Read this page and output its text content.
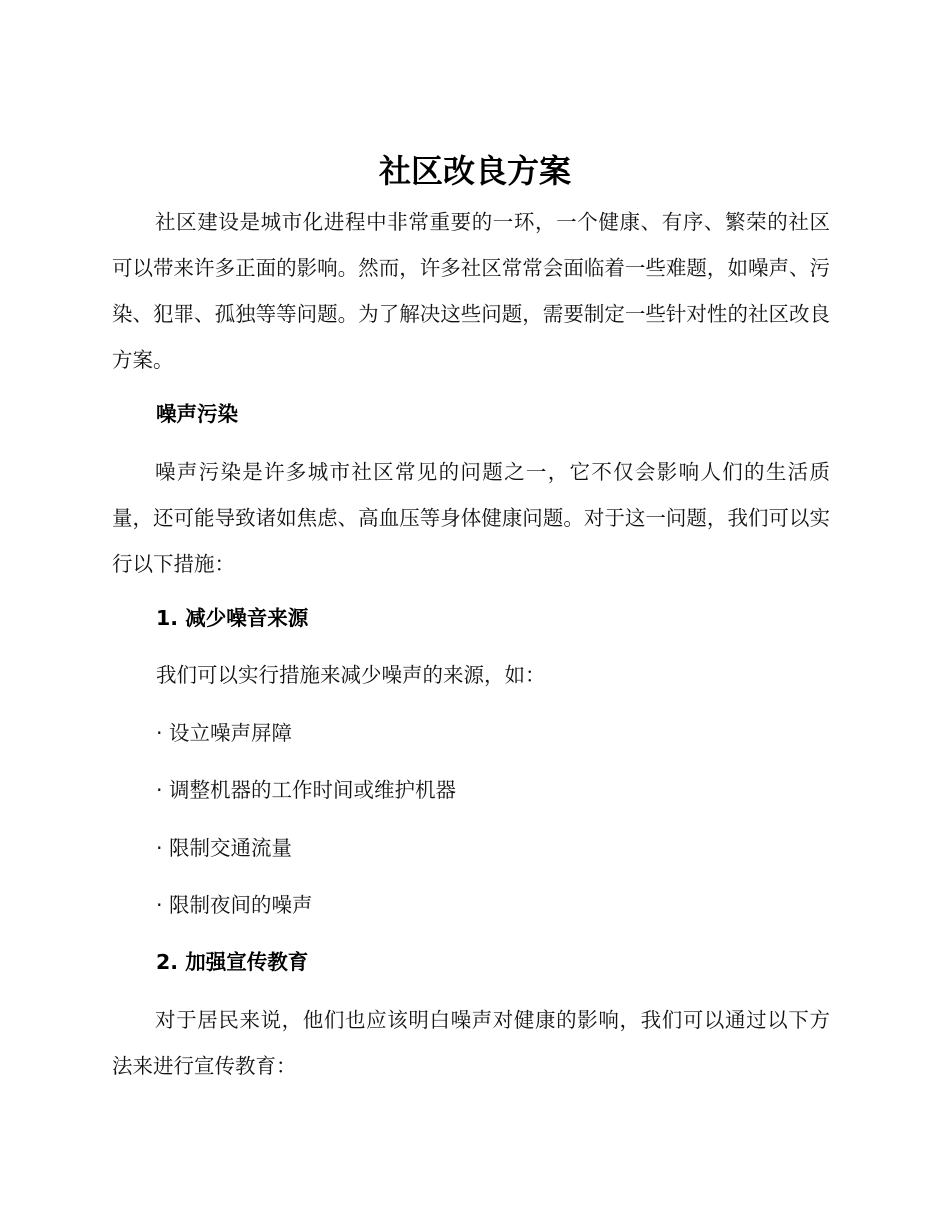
社区改良方案

社区建设是城市化进程中非常重要的一环，一个健康、有序、繁荣的社区可以带来许多正面的影响。然而，许多社区常常会面临着一些难题，如噪声、污染、犯罪、孤独等等问题。为了解决这些问题，需要制定一些针对性的社区改良方案。

噪声污染

噪声污染是许多城市社区常见的问题之一，它不仅会影响人们的生活质量，还可能导致诸如焦虑、高血压等身体健康问题。对于这一问题，我们可以实行以下措施：

1. 减少噪音来源

我们可以实行措施来减少噪声的来源，如：

· 设立噪声屏障
· 调整机器的工作时间或维护机器
· 限制交通流量
· 限制夜间的噪声
2. 加强宣传教育

对于居民来说，他们也应该明白噪声对健康的影响，我们可以通过以下方法来进行宣传教育：
